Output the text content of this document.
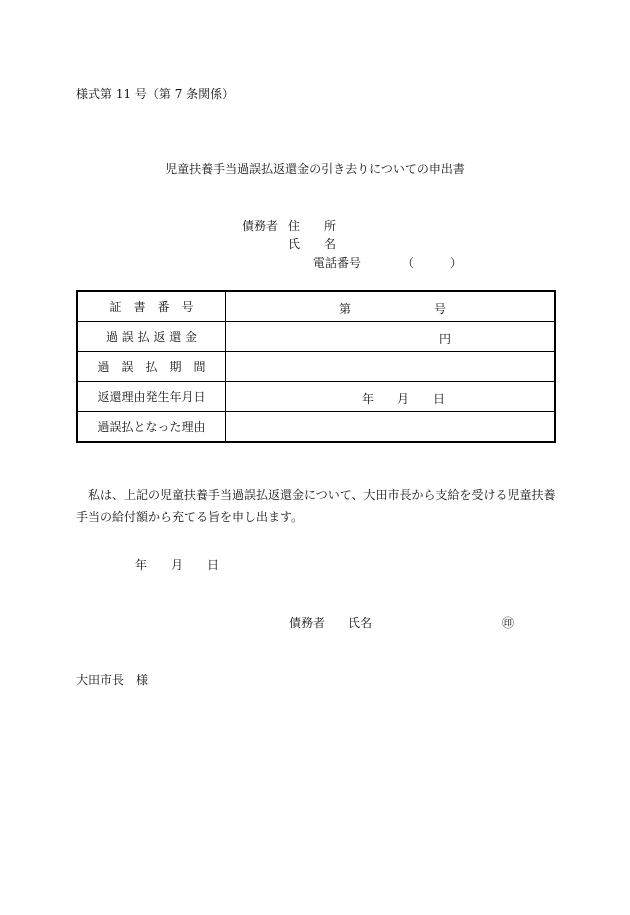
様式第 11 号（第 7 条関係）
児童扶養手当過誤払返還金の引き去りについての申出書
債務者 住　　所
氏　　名
電話番号	（　　　）
証　書　番　号	第 号

過 誤 払 返 還 金	円

過　誤　払　期　間	
返還理由発生年月日	年 月 日

過誤払となった理由	
私は、上記の児童扶養手当過誤払返還金について、大田市長から支給を受ける児童扶養手当の給付額から充てる旨を申し出ます。
年 月 日
債務者 氏名	㊞
大田市長　様
